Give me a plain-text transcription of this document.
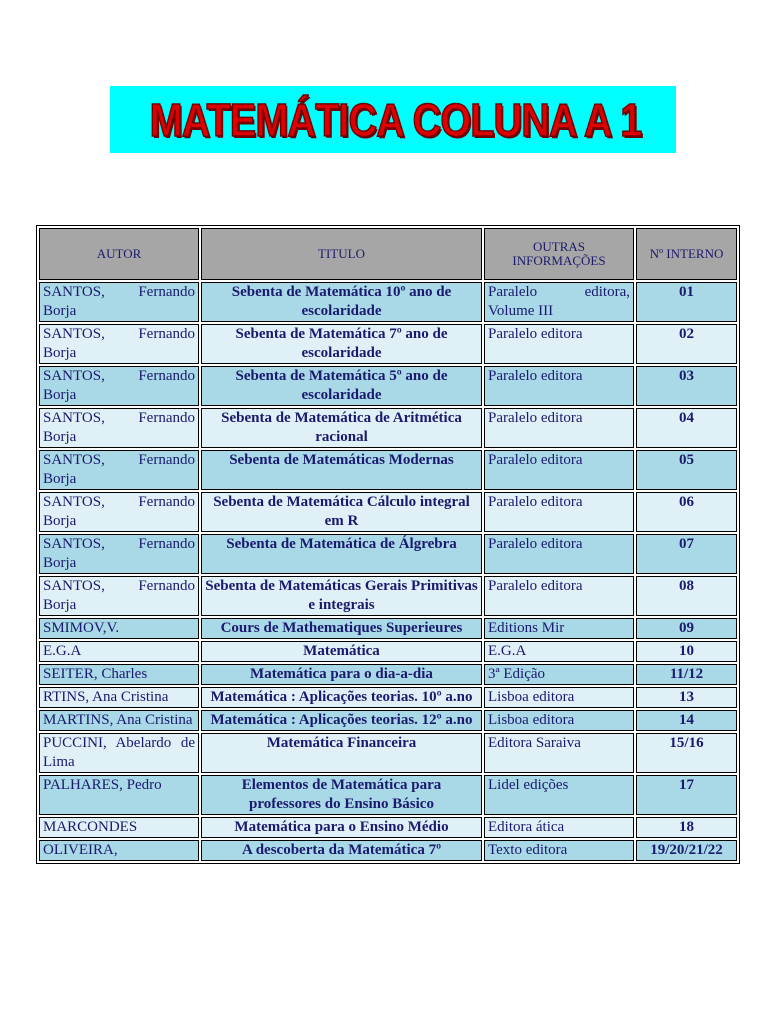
MATEMÁTICA COLUNA A 1
AUTOR	TITULO	OUTRAS INFORMAÇÕES	Nº INTERNO
SANTOS, Fernando Borja	Sebenta de Matemática 10º ano de escolaridade	Paralelo editora, Volume III	01
SANTOS, Fernando Borja	Sebenta de Matemática 7º ano de escolaridade	Paralelo editora	02
SANTOS, Fernando Borja	Sebenta de Matemática 5º ano de escolaridade	Paralelo editora	03
SANTOS, Fernando Borja	Sebenta de Matemática de Aritmética racional	Paralelo editora	04
SANTOS, Fernando Borja	Sebenta de Matemáticas Modernas	Paralelo editora	05
SANTOS, Fernando Borja	Sebenta de Matemática Cálculo integral em R	Paralelo editora	06
SANTOS, Fernando Borja	Sebenta de Matemática de Álgrebra	Paralelo editora	07
SANTOS, Fernando Borja	Sebenta de Matemáticas Gerais Primitivas e integrais	Paralelo editora	08
SMIMOV,V.	Cours de Mathematiques Superieures	Editions Mir	09
E.G.A	Matemática	E.G.A	10
SEITER, Charles	Matemática para o dia-a-dia	3ª Edição	11/12
RTINS, Ana Cristina	Matemática : Aplicações teorias. 10º a.no	Lisboa editora	13
MARTINS, Ana Cristina	Matemática : Aplicações teorias. 12º a.no	Lisboa editora	14
PUCCINI, Abelardo de Lima	Matemática Financeira	Editora Saraiva	15/16
PALHARES, Pedro	Elementos de Matemática para professores do Ensino Básico	Lidel edições	17
MARCONDES	Matemática para o Ensino Médio	Editora ática	18
OLIVEIRA,	A descoberta da Matemática 7º	Texto editora	19/20/21/22
